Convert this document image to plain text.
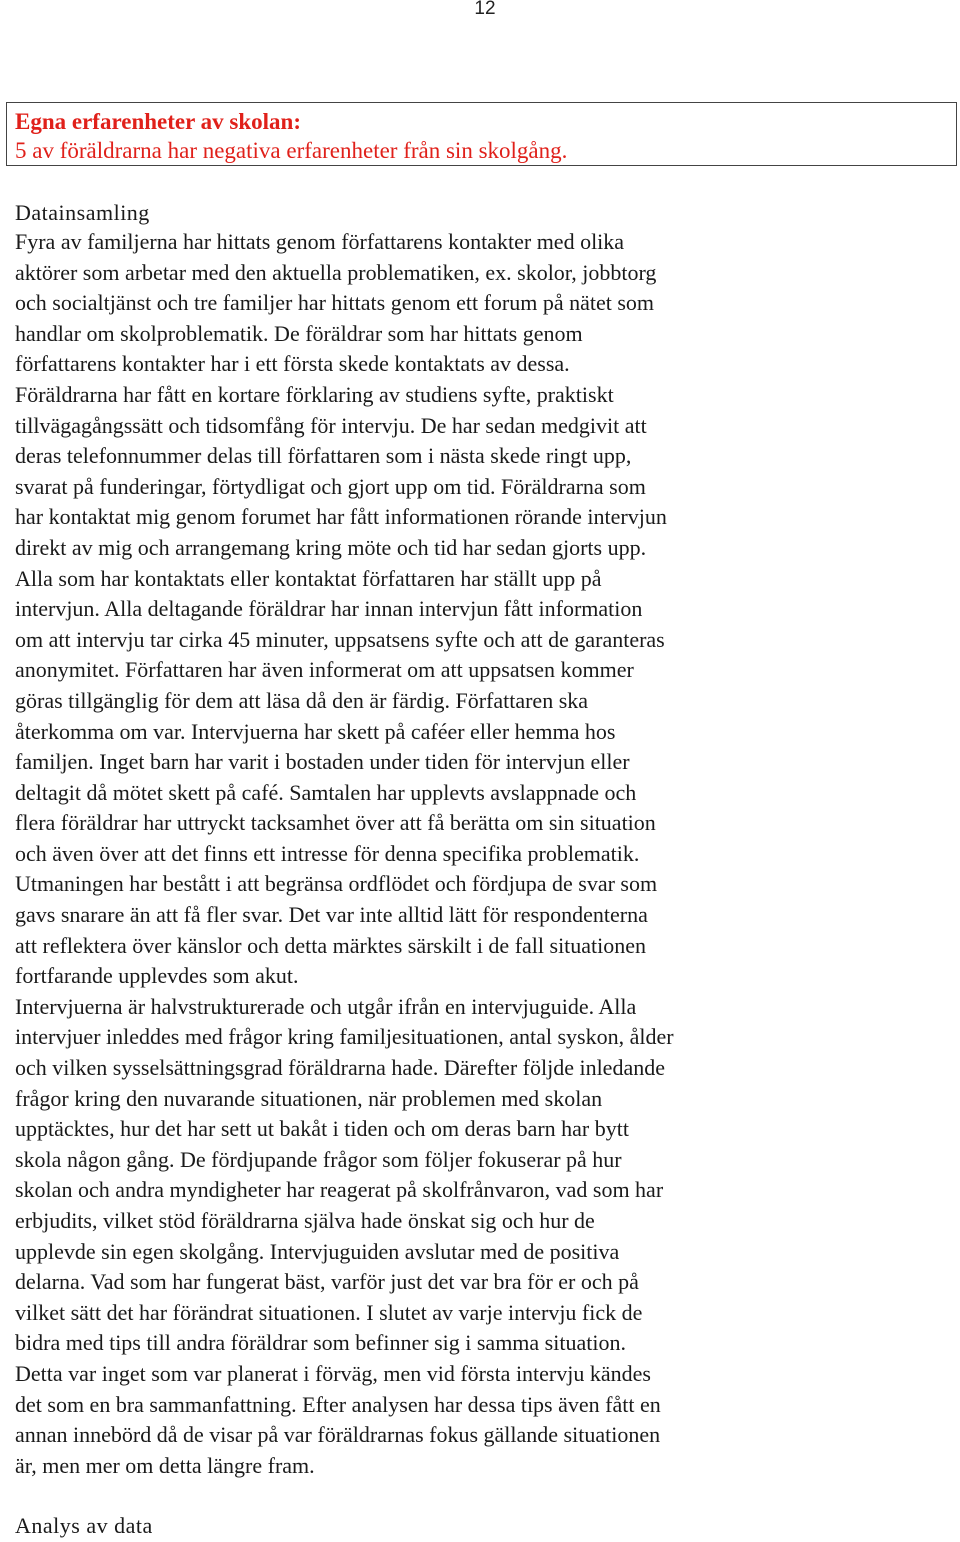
12
Egna erfarenheter av skolan:
5 av föräldrarna har negativa erfarenheter från sin skolgång.
Datainsamling
Fyra av familjerna har hittats genom författarens kontakter med olika
aktörer som arbetar med den aktuella problematiken, ex. skolor, jobbtorg
och socialtjänst och tre familjer har hittats genom ett forum på nätet som
handlar om skolproblematik. De föräldrar som har hittats genom
författarens kontakter har i ett första skede kontaktats av dessa.
Föräldrarna har fått en kortare förklaring av studiens syfte, praktiskt
tillvägagångssätt och tidsomfång för intervju. De har sedan medgivit att
deras telefonnummer delas till författaren som i nästa skede ringt upp,
svarat på funderingar, förtydligat och gjort upp om tid. Föräldrarna som
har kontaktat mig genom forumet har fått informationen rörande intervjun
direkt av mig och arrangemang kring möte och tid har sedan gjorts upp.
Alla som har kontaktats eller kontaktat författaren har ställt upp på
intervjun. Alla deltagande föräldrar har innan intervjun fått information
om att intervju tar cirka 45 minuter, uppsatsens syfte och att de garanteras
anonymitet. Författaren har även informerat om att uppsatsen kommer
göras tillgänglig för dem att läsa då den är färdig. Författaren ska
återkomma om var. Intervjuerna har skett på caféer eller hemma hos
familjen. Inget barn har varit i bostaden under tiden för intervjun eller
deltagit då mötet skett på café. Samtalen har upplevts avslappnade och
flera föräldrar har uttryckt tacksamhet över att få berätta om sin situation
och även över att det finns ett intresse för denna specifika problematik.
Utmaningen har bestått i att begränsa ordflödet och fördjupa de svar som
gavs snarare än att få fler svar. Det var inte alltid lätt för respondenterna
att reflektera över känslor och detta märktes särskilt i de fall situationen
fortfarande upplevdes som akut.
Intervjuerna är halvstrukturerade och utgår ifrån en intervjuguide. Alla
intervjuer inleddes med frågor kring familjesituationen, antal syskon, ålder
och vilken sysselsättningsgrad föräldrarna hade. Därefter följde inledande
frågor kring den nuvarande situationen, när problemen med skolan
upptäcktes, hur det har sett ut bakåt i tiden och om deras barn har bytt
skola någon gång. De fördjupande frågor som följer fokuserar på hur
skolan och andra myndigheter har reagerat på skolfrånvaron, vad som har
erbjudits, vilket stöd föräldrarna själva hade önskat sig och hur de
upplevde sin egen skolgång. Intervjuguiden avslutar med de positiva
delarna. Vad som har fungerat bäst, varför just det var bra för er och på
vilket sätt det har förändrat situationen. I slutet av varje intervju fick de
bidra med tips till andra föräldrar som befinner sig i samma situation.
Detta var inget som var planerat i förväg, men vid första intervju kändes
det som en bra sammanfattning. Efter analysen har dessa tips även fått en
annan innebörd då de visar på var föräldrarnas fokus gällande situationen
är, men mer om detta längre fram.
Analys av data
